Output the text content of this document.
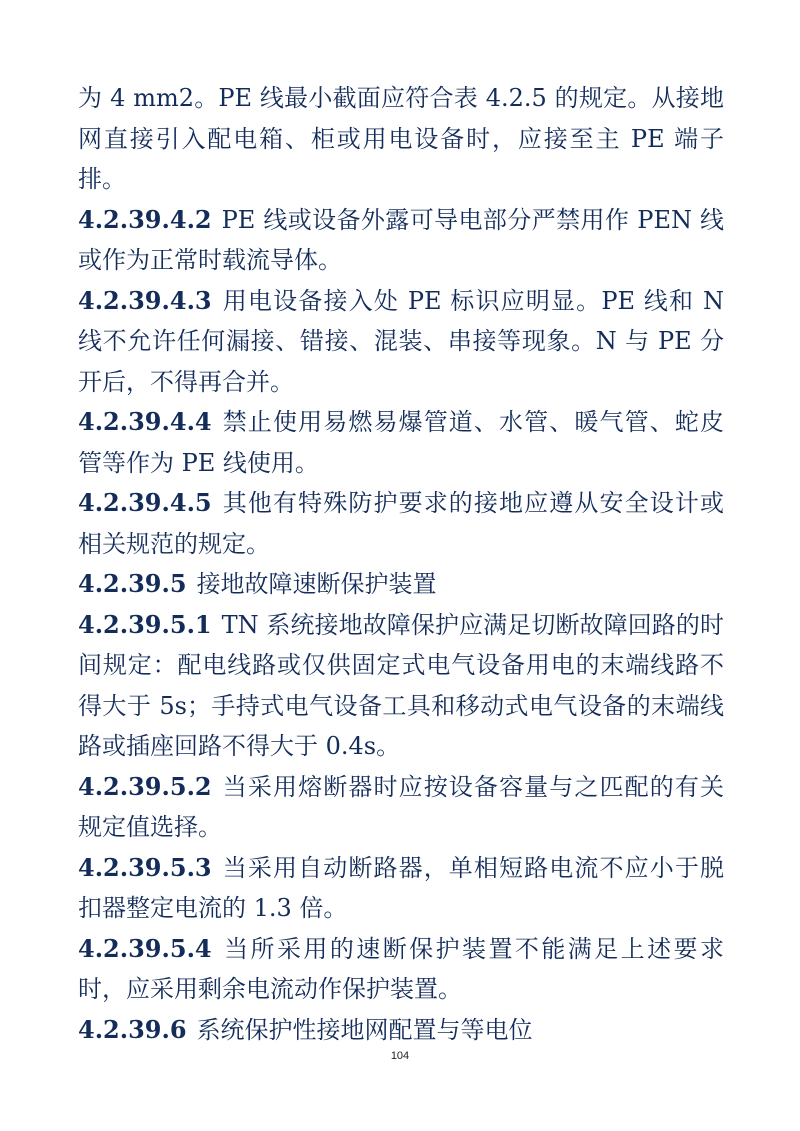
为 4 mm2。PE 线最小截面应符合表 4.2.5 的规定。从接地网直接引入配电箱、柜或用电设备时，应接至主 PE 端子排。

4.2.39.4.2 PE 线或设备外露可导电部分严禁用作 PEN 线或作为正常时载流导体。

4.2.39.4.3 用电设备接入处 PE 标识应明显。PE 线和 N 线不允许任何漏接、错接、混装、串接等现象。N 与 PE 分开后，不得再合并。

4.2.39.4.4 禁止使用易燃易爆管道、水管、暖气管、蛇皮管等作为 PE 线使用。

4.2.39.4.5 其他有特殊防护要求的接地应遵从安全设计或相关规范的规定。

4.2.39.5 接地故障速断保护装置

4.2.39.5.1 TN 系统接地故障保护应满足切断故障回路的时间规定：配电线路或仅供固定式电气设备用电的末端线路不得大于 5s；手持式电气设备工具和移动式电气设备的末端线路或插座回路不得大于 0.4s。

4.2.39.5.2 当采用熔断器时应按设备容量与之匹配的有关规定值选择。

4.2.39.5.3 当采用自动断路器，单相短路电流不应小于脱扣器整定电流的 1.3 倍。

4.2.39.5.4 当所采用的速断保护装置不能满足上述要求时，应采用剩余电流动作保护装置。

4.2.39.6 系统保护性接地网配置与等电位

104
